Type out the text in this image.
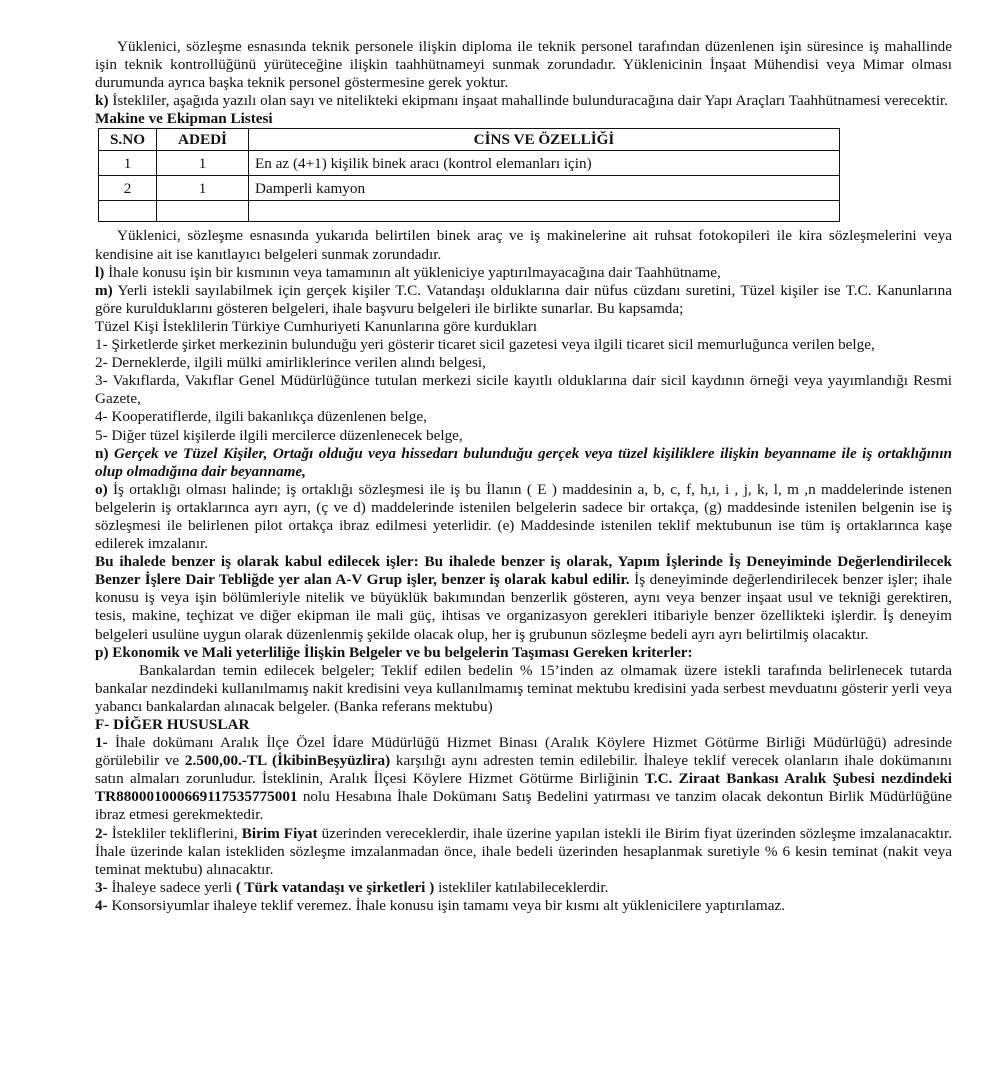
Yüklenici, sözleşme esnasında teknik personele ilişkin diploma ile teknik personel tarafından düzenlenen işin süresince iş mahallinde işin teknik kontrollüğünü yürüteceğine ilişkin taahhütnameyi sunmak zorundadır. Yüklenicinin İnşaat Mühendisi veya Mimar olması durumunda ayrıca başka teknik personel göstermesine gerek yoktur.

k) İstekliler, aşağıda yazılı olan sayı ve nitelikteki ekipmanı inşaat mahallinde bulunduracağına dair Yapı Araçları Taahhütnamesi verecektir.

Makine ve Ekipman Listesi

S.NO	ADEDİ	CİNS VE ÖZELLİĞİ
1	1	En az (4+1) kişilik binek aracı (kontrol elemanları için)
2	1	Damperli kamyon

Yüklenici, sözleşme esnasında yukarıda belirtilen binek araç ve iş makinelerine ait ruhsat fotokopileri ile kira sözleşmelerini veya kendisine ait ise kanıtlayıcı belgeleri sunmak zorundadır.

l) İhale konusu işin bir kısmının veya tamamının alt yükleniciye yaptırılmayacağına dair Taahhütname,

m) Yerli istekli sayılabilmek için gerçek kişiler T.C. Vatandaşı olduklarına dair nüfus cüzdanı suretini, Tüzel kişiler ise T.C. Kanunlarına göre kurulduklarını gösteren belgeleri, ihale başvuru belgeleri ile birlikte sunarlar. Bu kapsamda;

Tüzel Kişi İsteklilerin Türkiye Cumhuriyeti Kanunlarına göre kurdukları

1- Şirketlerde şirket merkezinin bulunduğu yeri gösterir ticaret sicil gazetesi veya ilgili ticaret sicil memurluğunca verilen belge,

2- Derneklerde, ilgili mülki amirliklerince verilen alındı belgesi,

3- Vakıflarda, Vakıflar Genel Müdürlüğünce tutulan merkezi sicile kayıtlı olduklarına dair sicil kaydının örneği veya yayımlandığı Resmi Gazete,

4- Kooperatiflerde, ilgili bakanlıkça düzenlenen belge,

5- Diğer tüzel kişilerde ilgili mercilerce düzenlenecek belge,

n) Gerçek ve Tüzel Kişiler, Ortağı olduğu veya hissedarı bulunduğu gerçek veya tüzel kişiliklere ilişkin beyanname ile iş ortaklığının olup olmadığına dair beyanname,

o) İş ortaklığı olması halinde; iş ortaklığı sözleşmesi ile iş bu İlanın ( E ) maddesinin a, b, c, f, h,ı, i , j, k, l, m ,n maddelerinde istenen belgelerin iş ortaklarınca ayrı ayrı, (ç ve d) maddelerinde istenilen belgelerin sadece bir ortakça, (g) maddesinde istenilen belgenin ise iş sözleşmesi ile belirlenen pilot ortakça ibraz edilmesi yeterlidir. (e) Maddesinde istenilen teklif mektubunun ise tüm iş ortaklarınca kaşe edilerek imzalanır.

Bu ihalede benzer iş olarak kabul edilecek işler: Bu ihalede benzer iş olarak, Yapım İşlerinde İş Deneyiminde Değerlendirilecek Benzer İşlere Dair Tebliğde yer alan A-V Grup işler, benzer iş olarak kabul edilir. İş deneyiminde değerlendirilecek benzer işler; ihale konusu iş veya işin bölümleriyle nitelik ve büyüklük bakımından benzerlik gösteren, aynı veya benzer inşaat usul ve tekniği gerektiren, tesis, makine, teçhizat ve diğer ekipman ile mali güç, ihtisas ve organizasyon gerekleri itibariyle benzer özellikteki işlerdir. İş deneyim belgeleri usulüne uygun olarak düzenlenmiş şekilde olacak olup, her iş grubunun sözleşme bedeli ayrı ayrı belirtilmiş olacaktır.

p) Ekonomik ve Mali yeterliliğe İlişkin Belgeler ve bu belgelerin Taşıması Gereken kriterler:

Bankalardan temin edilecek belgeler; Teklif edilen bedelin % 15’inden az olmamak üzere istekli tarafında belirlenecek tutarda bankalar nezdindeki kullanılmamış nakit kredisini veya kullanılmamış teminat mektubu kredisini yada serbest mevduatını gösterir yerli veya yabancı bankalardan alınacak belgeler. (Banka referans mektubu)

F- DİĞER HUSUSLAR

1- İhale dokümanı Aralık İlçe Özel İdare Müdürlüğü Hizmet Binası (Aralık Köylere Hizmet Götürme Birliği Müdürlüğü) adresinde görülebilir ve 2.500,00.-TL (İkibinBeşyüzlira) karşılığı aynı adresten temin edilebilir. İhaleye teklif verecek olanların ihale dokümanını satın almaları zorunludur. İsteklinin, Aralık İlçesi Köylere Hizmet Götürme Birliğinin T.C. Ziraat Bankası Aralık Şubesi nezdindeki TR880001000669117535775001 nolu Hesabına İhale Dokümanı Satış Bedelini yatırması ve tanzim olacak dekontun Birlik Müdürlüğüne ibraz etmesi gerekmektedir.

2- İstekliler tekliflerini, Birim Fiyat üzerinden vereceklerdir, ihale üzerine yapılan istekli ile Birim fiyat üzerinden sözleşme imzalanacaktır. İhale üzerinde kalan istekliden sözleşme imzalanmadan önce, ihale bedeli üzerinden hesaplanmak suretiyle % 6 kesin teminat (nakit veya teminat mektubu) alınacaktır.

3- İhaleye sadece yerli ( Türk vatandaşı ve şirketleri ) istekliler katılabileceklerdir.

4- Konsorsiyumlar ihaleye teklif veremez. İhale konusu işin tamamı veya bir kısmı alt yüklenicilere yaptırılamaz.
